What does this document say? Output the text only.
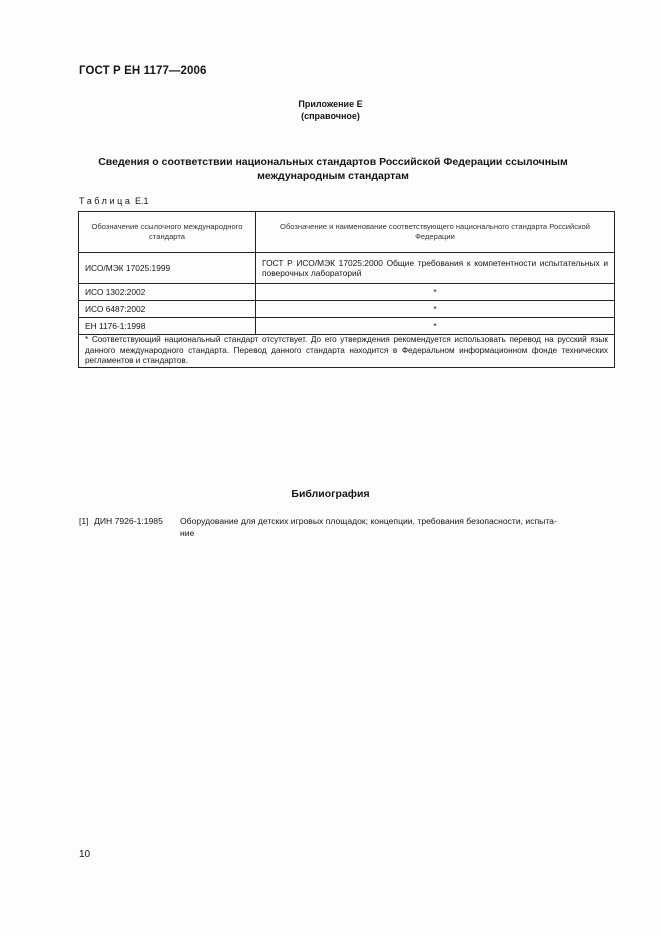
ГОСТ Р ЕН 1177—2006
Приложение Е
(справочное)
Сведения о соответствии национальных стандартов Российской Федерации ссылочным
международным стандартам
Таблица Е.1
Обозначение ссылочного международного стандарта	Обозначение и наименование соответствующего национального стандарта Российской Федерации
ИСО/МЭК 17025:1999	ГОСТ Р ИСО/МЭК 17025:2000 Общие требования к компетентности испытательных и поверочных лабораторий
ИСО 1302:2002	*
ИСО 6487:2002	*
ЕН 1176-1:1998	*
* Соответствующий национальный стандарт отсутствует. До его утверждения рекомендуется использовать перевод на русский язык данного международного стандарта. Перевод данного стандарта находится в Федеральном информационном фонде технических регламентов и стандартов.	
Библиография
[1] ДИН 7926-1:1985 Оборудование для детских игровых площадок; концепции, требования безопасности, испыта-
ние
10
